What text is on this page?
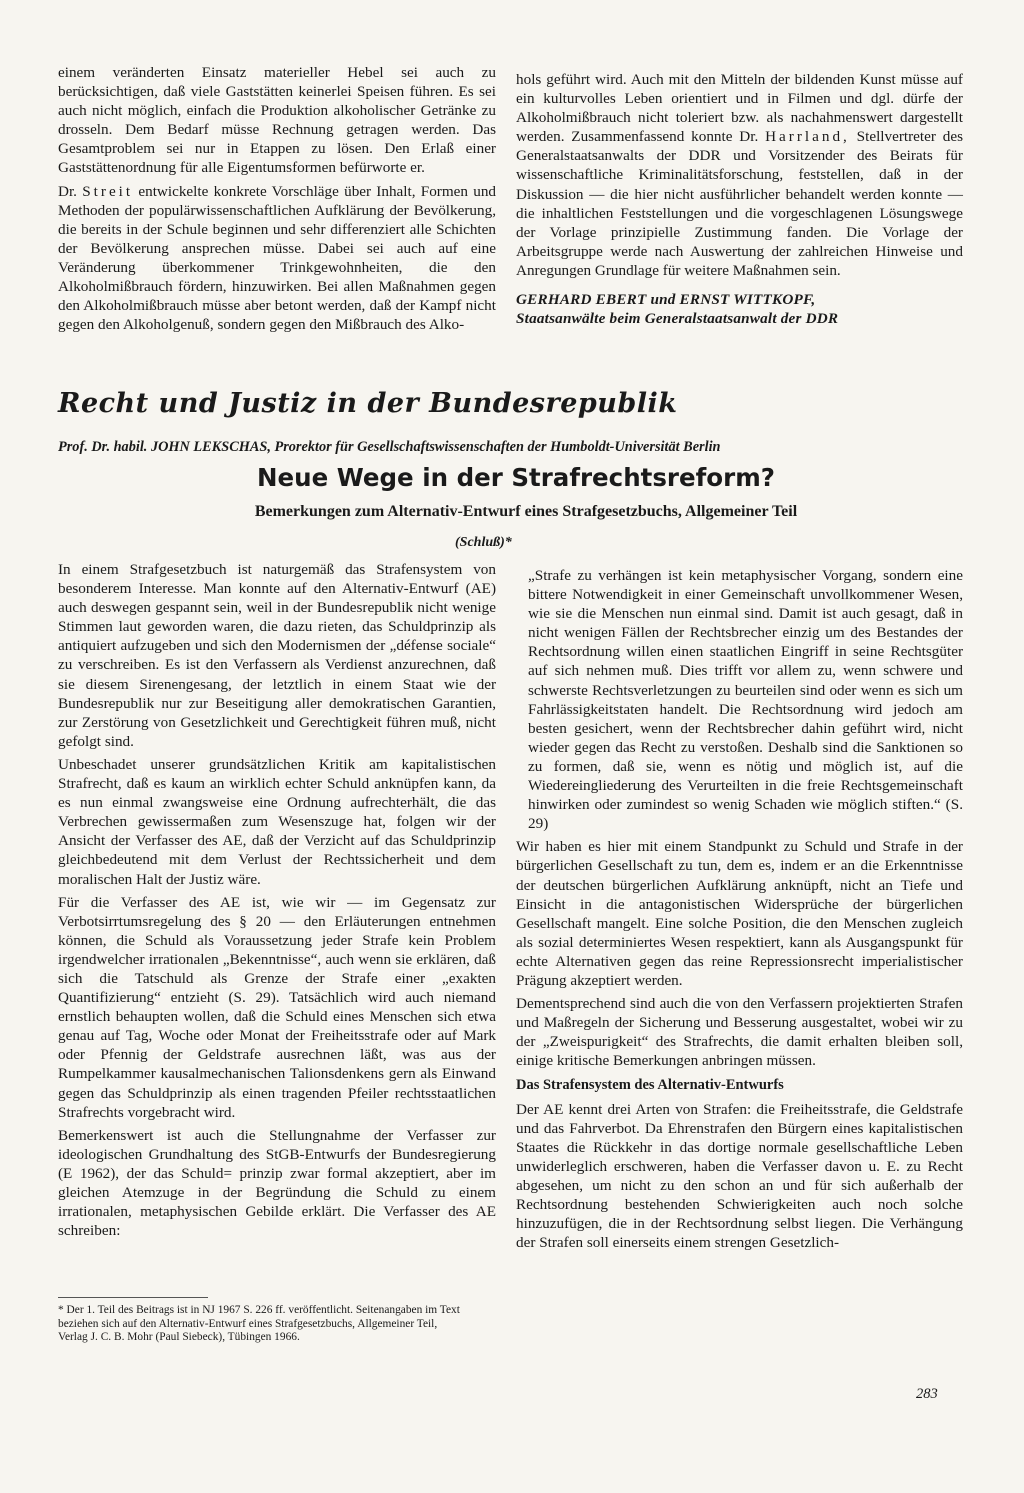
einem veränderten Einsatz materieller Hebel sei auch zu berücksichtigen, daß viele Gaststätten keinerlei Speisen führen. Es sei auch nicht möglich, einfach die Produktion alkoholischer Getränke zu drosseln. Dem Bedarf müsse Rechnung getragen werden. Das Gesamtproblem sei nur in Etappen zu lösen. Den Erlaß einer Gaststättenordnung für alle Eigentumsformen befürworte er.

Dr. Streit entwickelte konkrete Vorschläge über Inhalt, Formen und Methoden der populärwissenschaftlichen Aufklärung der Bevölkerung, die bereits in der Schule beginnen und sehr differenziert alle Schichten der Bevölkerung ansprechen müsse. Dabei sei auch auf eine Veränderung überkommener Trinkgewohnheiten, die den Alkoholmißbrauch fördern, hinzuwirken. Bei allen Maßnahmen gegen den Alkoholmißbrauch müsse aber betont werden, daß der Kampf nicht gegen den Alkoholgenuß, sondern gegen den Mißbrauch des Alko-

hols geführt wird. Auch mit den Mitteln der bildenden Kunst müsse auf ein kulturvolles Leben orientiert und in Filmen und dgl. dürfe der Alkoholmißbrauch nicht toleriert bzw. als nachahmenswert dargestellt werden. Zusammenfassend konnte Dr. Harrland, Stellvertreter des Generalstaatsanwalts der DDR und Vorsitzender des Beirats für wissenschaftliche Kriminalitätsforschung, feststellen, daß in der Diskussion — die hier nicht ausführlicher behandelt werden konnte — die inhaltlichen Feststellungen und die vorgeschlagenen Lösungswege der Vorlage prinzipielle Zustimmung fanden. Die Vorlage der Arbeitsgruppe werde nach Auswertung der zahlreichen Hinweise und Anregungen Grundlage für weitere Maßnahmen sein.

GERHARD EBERT und ERNST WITTKOPF,
Staatsanwälte beim Generalstaatsanwalt der DDR

Recht und Justiz in der Bundesrepublik
Prof. Dr. habil. JOHN LEKSCHAS, Prorektor für Gesellschaftswissenschaften der Humboldt-Universität Berlin
Neue Wege in der Strafrechtsreform?
Bemerkungen zum Alternativ-Entwurf eines Strafgesetzbuchs, Allgemeiner Teil
(Schluß)*

In einem Strafgesetzbuch ist naturgemäß das Strafensystem von besonderem Interesse. Man konnte auf den Alternativ-Entwurf (AE) auch deswegen gespannt sein, weil in der Bundesrepublik nicht wenige Stimmen laut geworden waren, die dazu rieten, das Schuldprinzip als antiquiert aufzugeben und sich den Modernismen der „défense sociale“ zu verschreiben. Es ist den Verfassern als Verdienst anzurechnen, daß sie diesem Sirenengesang, der letztlich in einem Staat wie der Bundesrepublik nur zur Beseitigung aller demokratischen Garantien, zur Zerstörung von Gesetzlichkeit und Gerechtigkeit führen muß, nicht gefolgt sind.

Unbeschadet unserer grundsätzlichen Kritik am kapitalistischen Strafrecht, daß es kaum an wirklich echter Schuld anknüpfen kann, da es nun einmal zwangsweise eine Ordnung aufrechterhält, die das Verbrechen gewissermaßen zum Wesenszuge hat, folgen wir der Ansicht der Verfasser des AE, daß der Verzicht auf das Schuldprinzip gleichbedeutend mit dem Verlust der Rechtssicherheit und dem moralischen Halt der Justiz wäre.

Für die Verfasser des AE ist, wie wir — im Gegensatz zur Verbotsirrtumsregelung des § 20 — den Erläuterungen entnehmen können, die Schuld als Voraussetzung jeder Strafe kein Problem irgendwelcher irrationalen „Bekenntnisse“, auch wenn sie erklären, daß sich die Tatschuld als Grenze der Strafe einer „exakten Quantifizierung“ entzieht (S. 29). Tatsächlich wird auch niemand ernstlich behaupten wollen, daß die Schuld eines Menschen sich etwa genau auf Tag, Woche oder Monat der Freiheitsstrafe oder auf Mark oder Pfennig der Geldstrafe ausrechnen läßt, was aus der Rumpelkammer kausalmechanischen Talionsdenkens gern als Einwand gegen das Schuldprinzip als einen tragenden Pfeiler rechtsstaatlichen Strafrechts vorgebracht wird.

Bemerkenswert ist auch die Stellungnahme der Verfasser zur ideologischen Grundhaltung des StGB-Entwurfs der Bundesregierung (E 1962), der das Schuld= prinzip zwar formal akzeptiert, aber im gleichen Atemzuge in der Begründung die Schuld zu einem irrationalen, metaphysischen Gebilde erklärt. Die Verfasser des AE schreiben:

* Der 1. Teil des Beitrags ist in NJ 1967 S. 226 ff. veröffentlicht. Seitenangaben im Text beziehen sich auf den Alternativ-Entwurf eines Strafgesetzbuchs, Allgemeiner Teil, Verlag J. C. B. Mohr (Paul Siebeck), Tübingen 1966.

„Strafe zu verhängen ist kein metaphysischer Vorgang, sondern eine bittere Notwendigkeit in einer Gemeinschaft unvollkommener Wesen, wie sie die Menschen nun einmal sind. Damit ist auch gesagt, daß in nicht wenigen Fällen der Rechtsbrecher einzig um des Bestandes der Rechtsordnung willen einen staatlichen Eingriff in seine Rechtsgüter auf sich nehmen muß. Dies trifft vor allem zu, wenn schwere und schwerste Rechtsverletzungen zu beurteilen sind oder wenn es sich um Fahrlässigkeitstaten handelt. Die Rechtsordnung wird jedoch am besten gesichert, wenn der Rechtsbrecher dahin geführt wird, nicht wieder gegen das Recht zu verstoßen. Deshalb sind die Sanktionen so zu formen, daß sie, wenn es nötig und möglich ist, auf die Wiedereingliederung des Verurteilten in die freie Rechtsgemeinschaft hinwirken oder zumindest so wenig Schaden wie möglich stiften.“ (S. 29)

Wir haben es hier mit einem Standpunkt zu Schuld und Strafe in der bürgerlichen Gesellschaft zu tun, dem es, indem er an die Erkenntnisse der deutschen bürgerlichen Aufklärung anknüpft, nicht an Tiefe und Einsicht in die antagonistischen Widersprüche der bürgerlichen Gesellschaft mangelt. Eine solche Position, die den Menschen zugleich als sozial determiniertes Wesen respektiert, kann als Ausgangspunkt für echte Alternativen gegen das reine Repressionsrecht imperialistischer Prägung akzeptiert werden.

Dementsprechend sind auch die von den Verfassern projektierten Strafen und Maßregeln der Sicherung und Besserung ausgestaltet, wobei wir zu der „Zweispurigkeit“ des Strafrechts, die damit erhalten bleiben soll, einige kritische Bemerkungen anbringen müssen.

Das Strafensystem des Alternativ-Entwurfs

Der AE kennt drei Arten von Strafen: die Freiheitsstrafe, die Geldstrafe und das Fahrverbot. Da Ehrenstrafen den Bürgern eines kapitalistischen Staates die Rückkehr in das dortige normale gesellschaftliche Leben unwiderleglich erschweren, haben die Verfasser davon u. E. zu Recht abgesehen, um nicht zu den schon an und für sich außerhalb der Rechtsordnung bestehenden Schwierigkeiten auch noch solche hinzuzufügen, die in der Rechtsordnung selbst liegen. Die Verhängung der Strafen soll einerseits einem strengen Gesetzlich-

283
